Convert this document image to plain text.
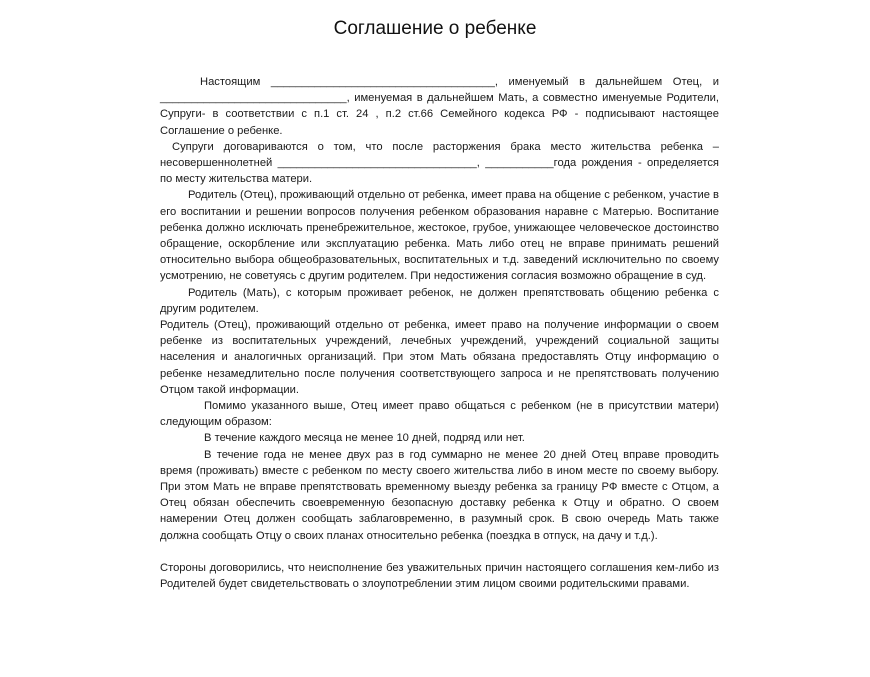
Соглашение о ребенке

Настоящим ____________________________________, именуемый в дальнейшем Отец, и ______________________________, именуемая в дальнейшем Мать, а совместно именуемые Родители, Супруги- в соответствии с п.1 ст. 24 , п.2 ст.66 Семейного кодекса РФ - подписывают настоящее Соглашение о ребенке.

Супруги договариваются о том, что после расторжения брака место жительства ребенка – несовершеннолетней ________________________________, ___________года рождения - определяется по месту жительства матери.

Родитель (Отец), проживающий отдельно от ребенка, имеет права на общение с ребенком, участие в его воспитании и решении вопросов получения ребенком образования наравне с Матерью. Воспитание ребенка должно исключать пренебрежительное, жестокое, грубое, унижающее человеческое достоинство обращение, оскорбление или эксплуатацию ребенка. Мать либо отец не вправе принимать решений относительно выбора общеобразовательных, воспитательных и т.д. заведений исключительно по своему усмотрению, не советуясь с другим родителем. При недостижения согласия возможно обращение в суд.

Родитель (Мать), с которым проживает ребенок, не должен препятствовать общению ребенка с другим родителем.

Родитель (Отец), проживающий отдельно от ребенка, имеет право на получение информации о своем ребенке из воспитательных учреждений, лечебных учреждений, учреждений социальной защиты населения и аналогичных организаций. При этом Мать обязана предоставлять Отцу информацию о ребенке незамедлительно после получения соответствующего запроса и не препятствовать получению Отцом такой информации.

Помимо указанного выше, Отец имеет право общаться с ребенком (не в присутствии матери) следующим образом:

В течение каждого месяца не менее 10 дней, подряд или нет.

В течение года не менее двух раз в год суммарно не менее 20 дней Отец вправе проводить время (проживать) вместе с ребенком по месту своего жительства либо в ином месте по своему выбору. При этом Мать не вправе препятствовать временному выезду ребенка за границу РФ вместе с Отцом, а Отец обязан обеспечить своевременную безопасную доставку ребенка к Отцу и обратно. О своем намерении Отец должен сообщать заблаговременно, в разумный срок. В свою очередь Мать также должна сообщать Отцу о своих планах относительно ребенка (поездка в отпуск, на дачу и т.д.).

Стороны договорились, что неисполнение без уважительных причин настоящего соглашения кем-либо из Родителей будет свидетельствовать о злоупотреблении этим лицом своими родительскими правами.
